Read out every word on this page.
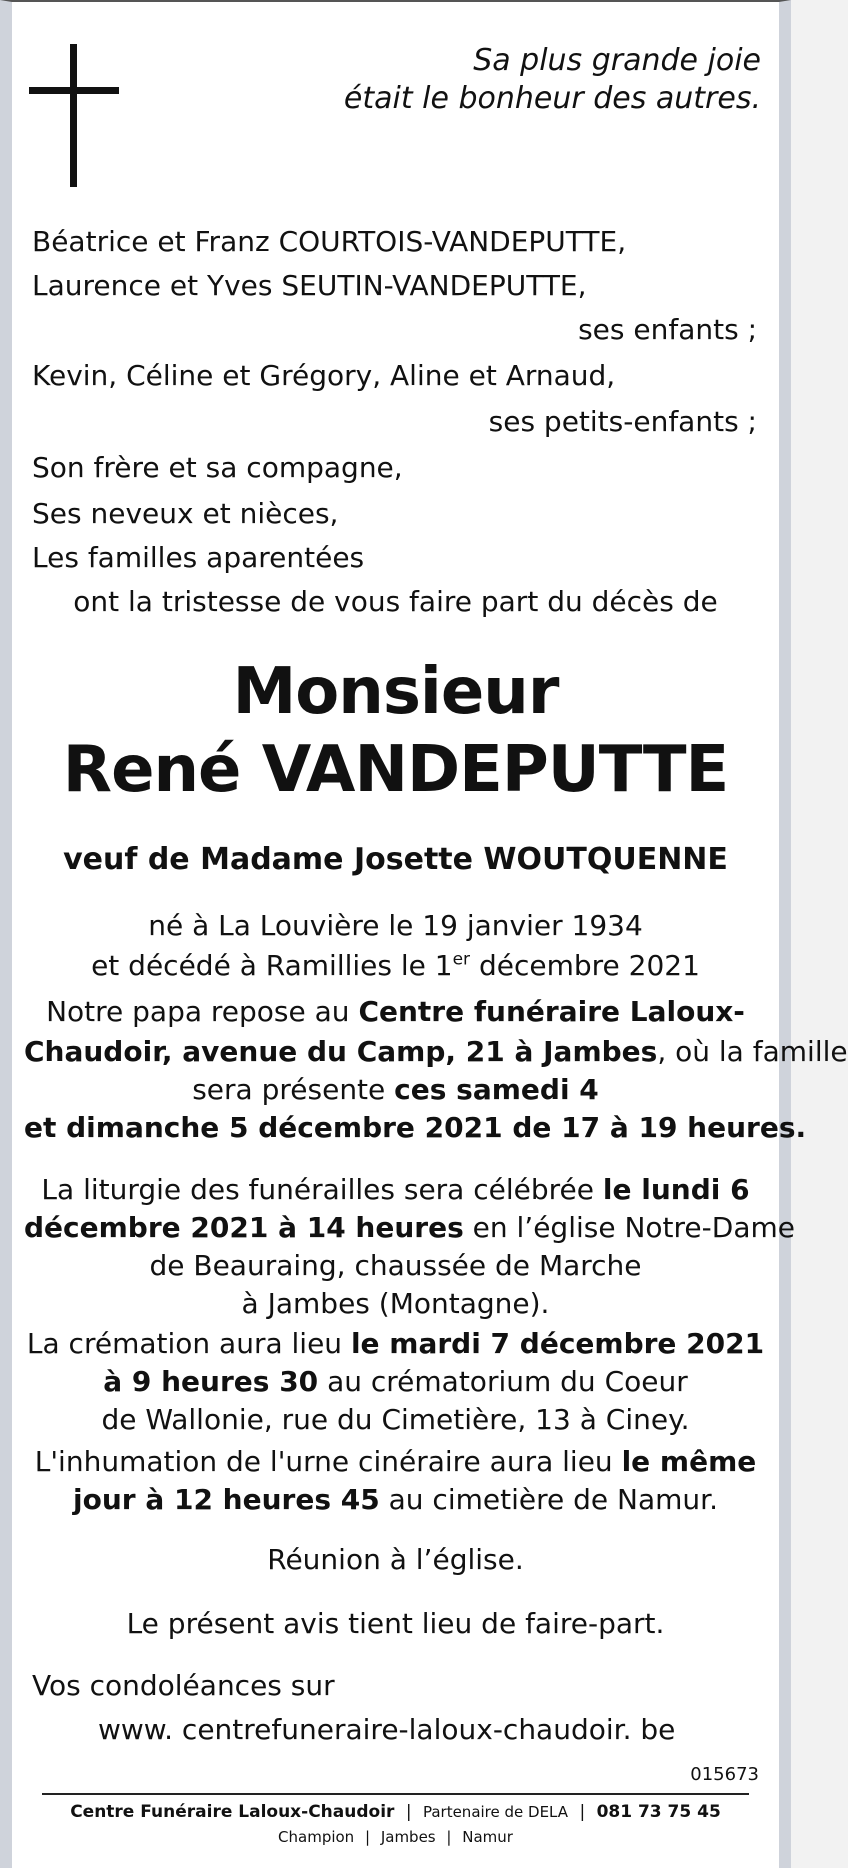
Sa plus grande joie
était le bonheur des autres.
Béatrice et Franz COURTOIS-VANDEPUTTE,
Laurence et Yves SEUTIN-VANDEPUTTE,
ses enfants ;
Kevin, Céline et Grégory, Aline et Arnaud,
ses petits-enfants ;
Son frère et sa compagne,
Ses neveux et nièces,
Les familles aparentées
ont la tristesse de vous faire part du décès de
Monsieur
René VANDEPUTTE
veuf de Madame Josette WOUTQUENNE
né à La Louvière le 19 janvier 1934
et décédé à Ramillies le 1er décembre 2021
Notre papa repose au Centre funéraire Laloux-
Chaudoir, avenue du Camp, 21 à Jambes, où la famille
sera présente ces samedi 4
et dimanche 5 décembre 2021 de 17 à 19 heures.
La liturgie des funérailles sera célébrée le lundi 6
décembre 2021 à 14 heures en l’église Notre-Dame
de Beauraing, chaussée de Marche
à Jambes (Montagne).
La crémation aura lieu le mardi 7 décembre 2021
à 9 heures 30 au crématorium du Coeur
de Wallonie, rue du Cimetière, 13 à Ciney.
L'inhumation de l'urne cinéraire aura lieu le même
jour à 12 heures 45 au cimetière de Namur.
Réunion à l’église.
Le présent avis tient lieu de faire-part.
Vos condoléances sur
www. centrefuneraire-laloux-chaudoir. be
015673
Centre Funéraire Laloux-Chaudoir | Partenaire de DELA | 081 73 75 45
Champion | Jambes | Namur
